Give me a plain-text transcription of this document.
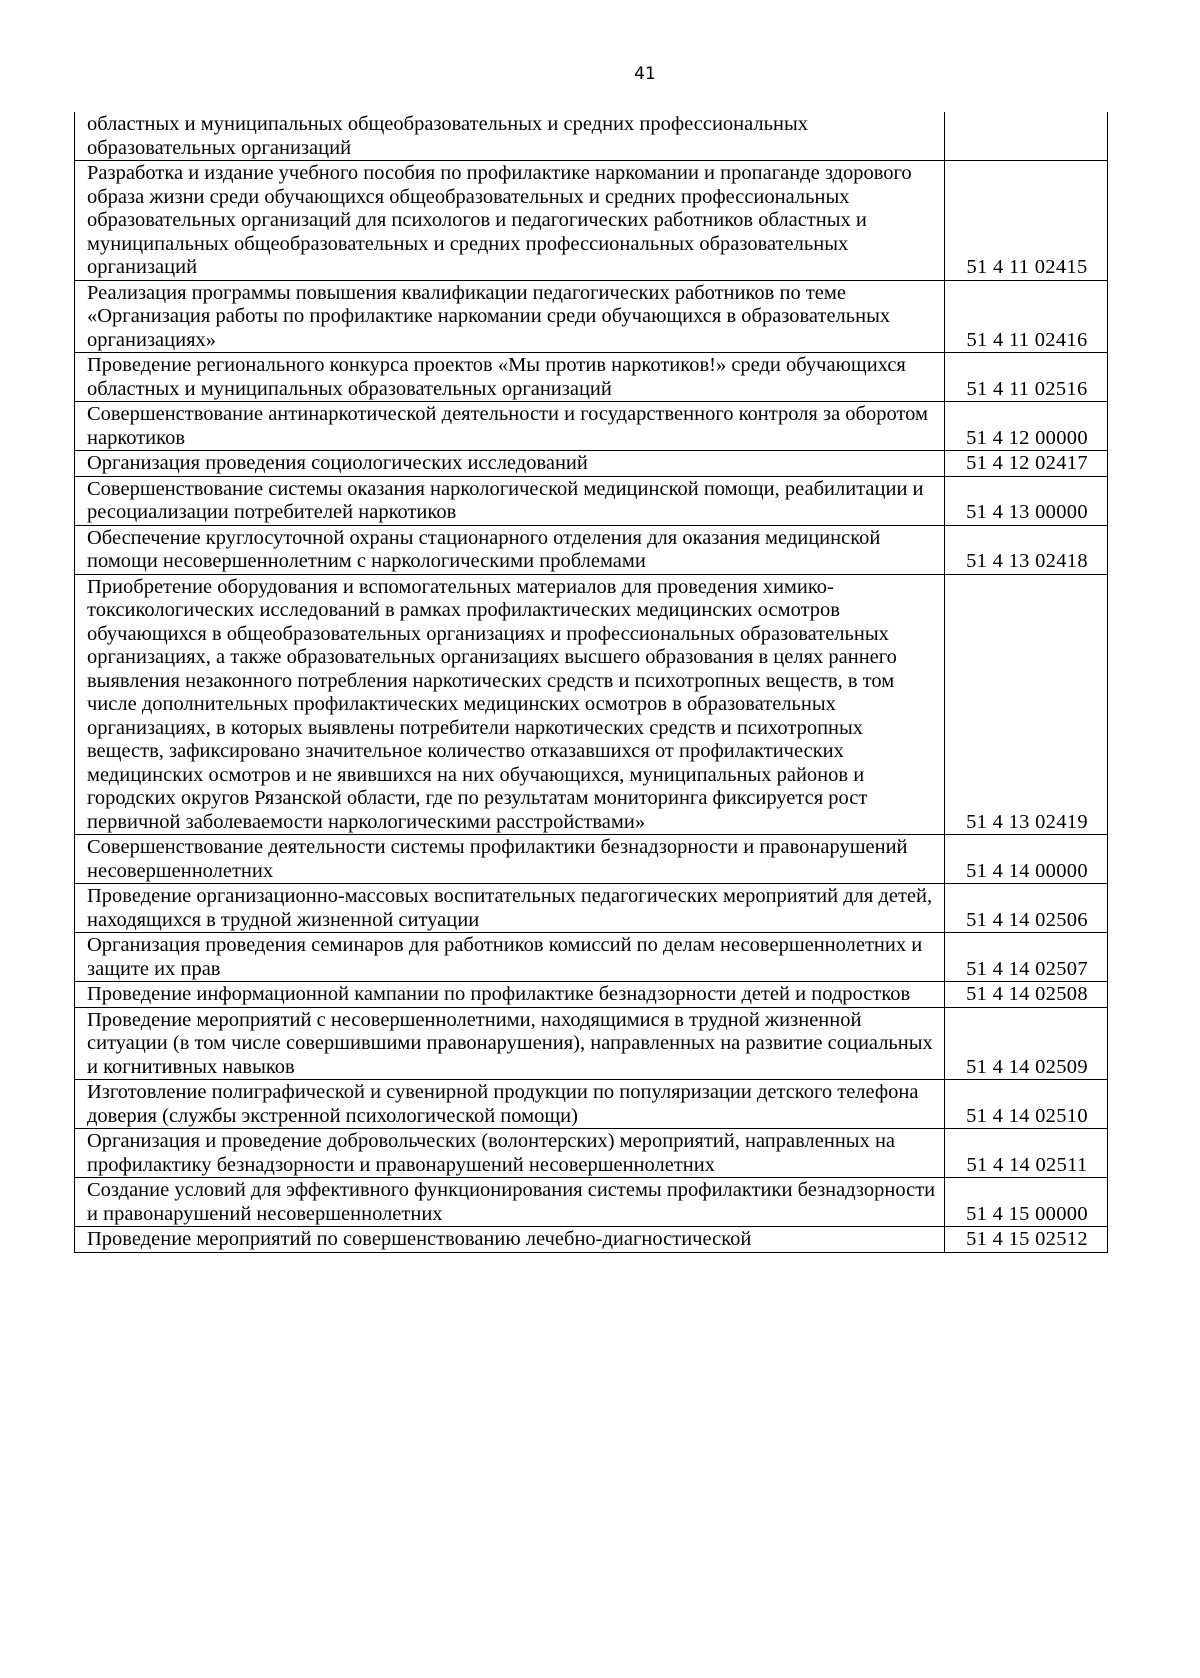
41
областных и муниципальных общеобразовательных и средних профессиональных образовательных организаций	
Разработка и издание учебного пособия по профилактике наркомании и пропаганде здорового образа жизни среди обучающихся общеобразовательных и средних профессиональных образовательных организаций для психологов и педагогических работников областных и муниципальных общеобразовательных и средних профессиональных образовательных организаций	51 4 11 02415
Реализация программы повышения квалификации педагогических работников по теме «Организация работы по профилактике наркомании среди обучающихся в образовательных организациях»	51 4 11 02416
Проведение регионального конкурса проектов «Мы против наркотиков!» среди обучающихся областных и муниципальных образовательных организаций	51 4 11 02516
Совершенствование антинаркотической деятельности и государственного контроля за оборотом наркотиков	51 4 12 00000
Организация проведения социологических исследований	51 4 12 02417
Совершенствование системы оказания наркологической медицинской помощи, реабилитации и ресоциализации потребителей наркотиков	51 4 13 00000
Обеспечение круглосуточной охраны стационарного отделения для оказания медицинской помощи несовершеннолетним с наркологическими проблемами	51 4 13 02418
Приобретение оборудования и вспомогательных материалов для проведения химико-токсикологических исследований в рамках профилактических медицинских осмотров обучающихся в общеобразовательных организациях и профессиональных образовательных организациях, а также образовательных организациях высшего образования в целях раннего выявления незаконного потребления наркотических средств и психотропных веществ, в том числе дополнительных профилактических медицинских осмотров в образовательных организациях, в которых выявлены потребители наркотических средств и психотропных веществ, зафиксировано значительное количество отказавшихся от профилактических медицинских осмотров и не явившихся на них обучающихся, муниципальных районов и городских округов Рязанской области, где по результатам мониторинга фиксируется рост первичной заболеваемости наркологическими расстройствами»	51 4 13 02419
Совершенствование деятельности системы профилактики безнадзорности и правонарушений несовершеннолетних	51 4 14 00000
Проведение организационно-массовых воспитательных педагогических мероприятий для детей, находящихся в трудной жизненной ситуации	51 4 14 02506
Организация проведения семинаров для работников комиссий по делам несовершеннолетних и защите их прав	51 4 14 02507
Проведение информационной кампании по профилактике безнадзорности детей и подростков	51 4 14 02508
Проведение мероприятий с несовершеннолетними, находящимися в трудной жизненной ситуации (в том числе совершившими правонарушения), направленных на развитие социальных и когнитивных навыков	51 4 14 02509
Изготовление полиграфической и сувенирной продукции по популяризации детского телефона доверия (службы экстренной психологической помощи)	51 4 14 02510
Организация и проведение добровольческих (волонтерских) мероприятий, направленных на профилактику безнадзорности и правонарушений несовершеннолетних	51 4 14 02511
Создание условий для эффективного функционирования системы профилактики безнадзорности и правонарушений несовершеннолетних	51 4 15 00000
Проведение мероприятий по совершенствованию лечебно-диагностической	51 4 15 02512
